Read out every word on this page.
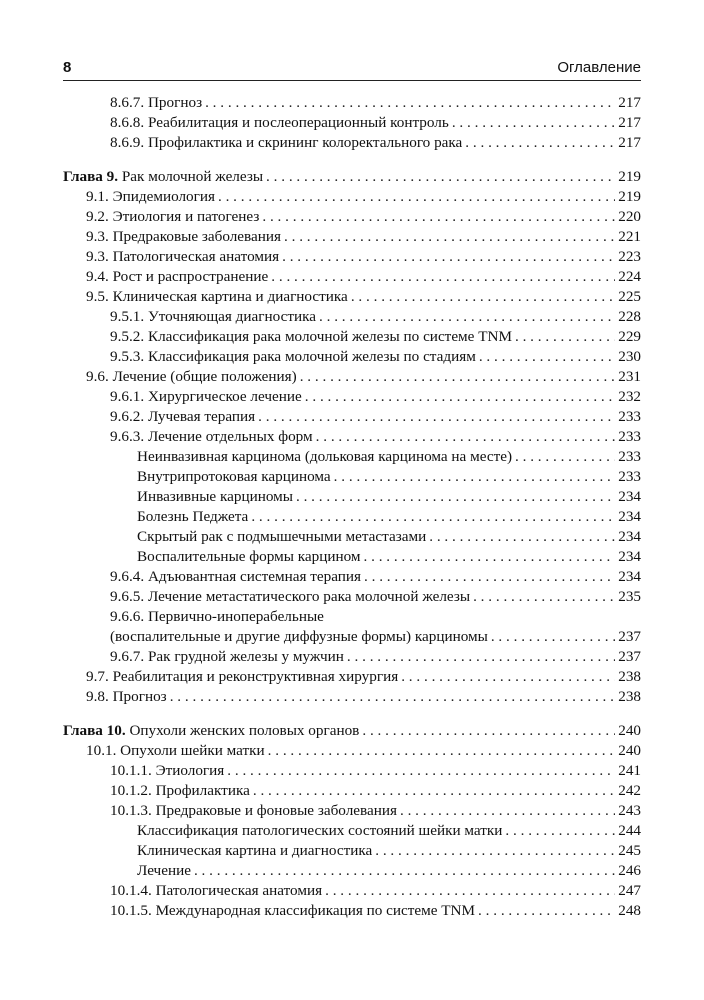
8	Оглавление
8.6.7. Прогноз . . .	217
8.6.8. Реабилитация и послеоперационный контроль . . .	217
8.6.9. Профилактика и скрининг колоректального рака . . .	217
Глава 9. Рак молочной железы . . .	219
9.1. Эпидемиология . . .	219
9.2. Этиология и патогенез . . .	220
9.3. Предраковые заболевания . . .	221
9.3. Патологическая анатомия . . .	223
9.4. Рост и распространение . . .	224
9.5. Клиническая картина и диагностика . . .	225
9.5.1. Уточняющая диагностика . . .	228
9.5.2. Классификация рака молочной железы по системе TNM . . .	229
9.5.3. Классификация рака молочной железы по стадиям . . .	230
9.6. Лечение (общие положения) . . .	231
9.6.1. Хирургическое лечение . . .	232
9.6.2. Лучевая терапия . . .	233
9.6.3. Лечение отдельных форм . . .	233
Неинвазивная карцинома (дольковая карцинома на месте) . . .	233
Внутрипротоковая карцинома . . .	233
Инвазивные карциномы . . .	234
Болезнь Педжета . . .	234
Скрытый рак с подмышечными метастазами . . .	234
Воспалительные формы карцином . . .	234
9.6.4. Адъювантная системная терапия . . .	234
9.6.5. Лечение метастатического рака молочной железы . . .	235
9.6.6. Первично-иноперабельные
(воспалительные и другие диффузные формы) карциномы . . .	237
9.6.7. Рак грудной железы у мужчин . . .	237
9.7. Реабилитация и реконструктивная хирургия . . .	238
9.8. Прогноз . . .	238
Глава 10. Опухоли женских половых органов . . .	240
10.1. Опухоли шейки матки . . .	240
10.1.1. Этиология . . .	241
10.1.2. Профилактика . . .	242
10.1.3. Предраковые и фоновые заболевания . . .	243
Классификация патологических состояний шейки матки . . .	244
Клиническая картина и диагностика . . .	245
Лечение . . .	246
10.1.4. Патологическая анатомия . . .	247
10.1.5. Международная классификация по системе TNM . . .	248
